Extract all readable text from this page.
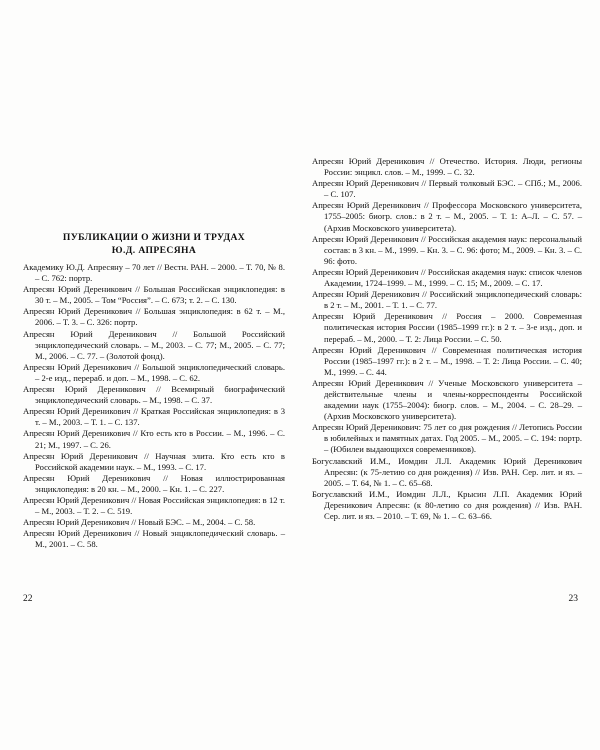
ПУБЛИКАЦИИ О ЖИЗНИ И ТРУДАХ
Ю.Д. АПРЕСЯНА

Академику Ю.Д. Апресяну – 70 лет // Вестн. РАН. – 2000. – Т. 70, № 8. – С. 762: портр.

Апресян Юрий Дереникович // Большая Российская энциклопедия: в 30 т. – М., 2005. – Том “Россия”. – С. 673; т. 2. – С. 130.

Апресян Юрий Дереникович // Большая энциклопедия: в 62 т. – М., 2006. – Т. 3. – С. 326: портр.

Апресян Юрий Дереникович // Большой Российский энциклопедический словарь. – М., 2003. – С. 77; М., 2005. – С. 77; М., 2006. – С. 77. – (Золотой фонд).

Апресян Юрий Дереникович // Большой энциклопедический словарь. – 2-е изд., перераб. и доп. – М., 1998. – С. 62.

Апресян Юрий Дереникович // Всемирный биографический энциклопедический словарь. – М., 1998. – С. 37.

Апресян Юрий Дереникович // Краткая Российская энциклопедия: в 3 т. – М., 2003. – Т. 1. – С. 137.

Апресян Юрий Дереникович // Кто есть кто в России. – М., 1996. – С. 21; М., 1997. – С. 26.

Апресян Юрий Дереникович // Научная элита. Кто есть кто в Российской академии наук. – М., 1993. – С. 17.

Апресян Юрий Дереникович // Новая иллюстрированная энциклопедия: в 20 кн. – М., 2000. – Кн. 1. – С. 227.

Апресян Юрий Дереникович // Новая Российская энциклопедия: в 12 т. – М., 2003. – Т. 2. – С. 519.

Апресян Юрий Дереникович // Новый БЭС. – М., 2004. – С. 58.

Апресян Юрий Дереникович // Новый энциклопедический словарь. – М., 2001. – С. 58.

22

Апресян Юрий Дереникович // Отечество. История. Люди, регионы России: энцикл. слов. – М., 1999. – С. 32.

Апресян Юрий Дереникович // Первый толковый БЭС. – СПб.; М., 2006. – С. 107.

Апресян Юрий Дереникович // Профессора Московского университета, 1755–2005: биогр. слов.: в 2 т. – М., 2005. – Т. 1: А–Л. – С. 57. – (Архив Московского университета).

Апресян Юрий Дереникович // Российская академия наук: персональный состав: в 3 кн. – М., 1999. – Кн. 3. – С. 96: фото; М., 2009. – Кн. 3. – С. 96: фото.

Апресян Юрий Дереникович // Российская академия наук: список членов Академии, 1724–1999. – М., 1999. – С. 15; М., 2009. – С. 17.

Апресян Юрий Дереникович // Российский энциклопедический словарь: в 2 т. – М., 2001. – Т. 1. – С. 77.

Апресян Юрий Дереникович // Россия – 2000. Современная политическая история России (1985–1999 гг.): в 2 т. – 3-е изд., доп. и перераб. – М., 2000. – Т. 2: Лица России. – С. 50.

Апресян Юрий Дереникович // Современная политическая история России (1985–1997 гг.): в 2 т. – М., 1998. – Т. 2: Лица России. – С. 40; М., 1999. – С. 44.

Апресян Юрий Дереникович // Ученые Московского университета – действительные члены и члены-корреспонденты Российской академии наук (1755–2004): биогр. слов. – М., 2004. – С. 28–29. – (Архив Московского университета).

Апресян Юрий Дереникович: 75 лет со дня рождения // Летопись России в юбилейных и памятных датах. Год 2005. – М., 2005. – С. 194: портр. – (Юбилеи выдающихся современников).

Богуславский И.М., Иомдин Л.Л. Академик Юрий Дереникович Апресян: (к 75-летию со дня рождения) // Изв. РАН. Сер. лит. и яз. – 2005. – Т. 64, № 1. – С. 65–68.

Богуславский И.М., Иомдин Л.Л., Крысин Л.П. Академик Юрий Дереникович Апресян: (к 80-летию со дня рождения) // Изв. РАН. Сер. лит. и яз. – 2010. – Т. 69, № 1. – С. 63–66.

23
